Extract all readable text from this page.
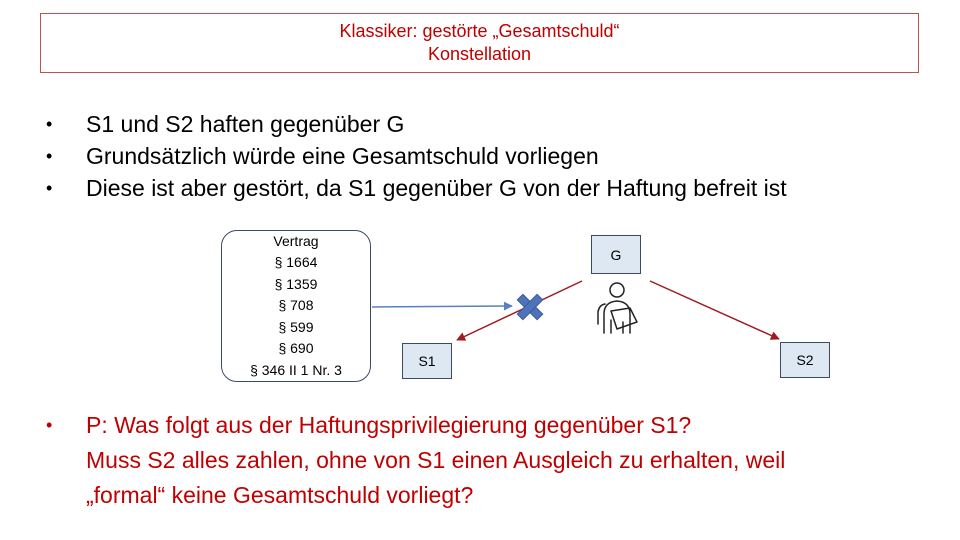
Klassiker: gestörte „Gesamtschuld“
Konstellation
• S1 und S2 haften gegenüber G
• Grundsätzlich würde eine Gesamtschuld vorliegen
• Diese ist aber gestört, da S1 gegenüber G von der Haftung befreit ist
Vertrag
§ 1664
§ 1359
§ 708
§ 599
§ 690
§ 346 II 1 Nr. 3
G
S1	S2
• P: Was folgt aus der Haftungsprivilegierung gegenüber S1?
Muss S2 alles zahlen, ohne von S1 einen Ausgleich zu erhalten, weil
„formal“ keine Gesamtschuld vorliegt?
